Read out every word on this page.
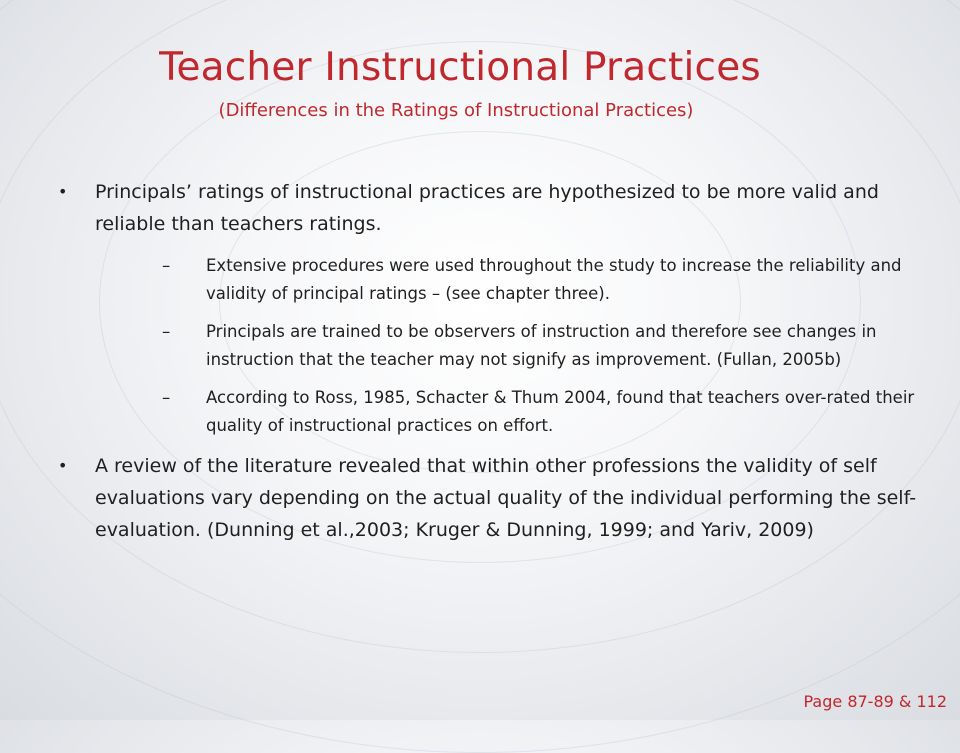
Teacher Instructional Practices
(Differences in the Ratings of Instructional Practices)
•	Principals’ ratings of instructional practices are hypothesized to be more valid and reliable than teachers ratings.
– Extensive procedures were used throughout the study to increase the reliability and validity of principal ratings – (see chapter three).
– Principals are trained to be observers of instruction and therefore see changes in instruction that the teacher may not signify as improvement. (Fullan, 2005b)
– According to Ross, 1985, Schacter & Thum 2004, found that teachers over-rated their quality of instructional practices on effort.
•	A review of the literature revealed that within other professions the validity of self evaluations vary depending on the actual quality of the individual performing the self-evaluation. (Dunning et al.,2003; Kruger & Dunning, 1999; and Yariv, 2009)
Page 87-89 & 112
